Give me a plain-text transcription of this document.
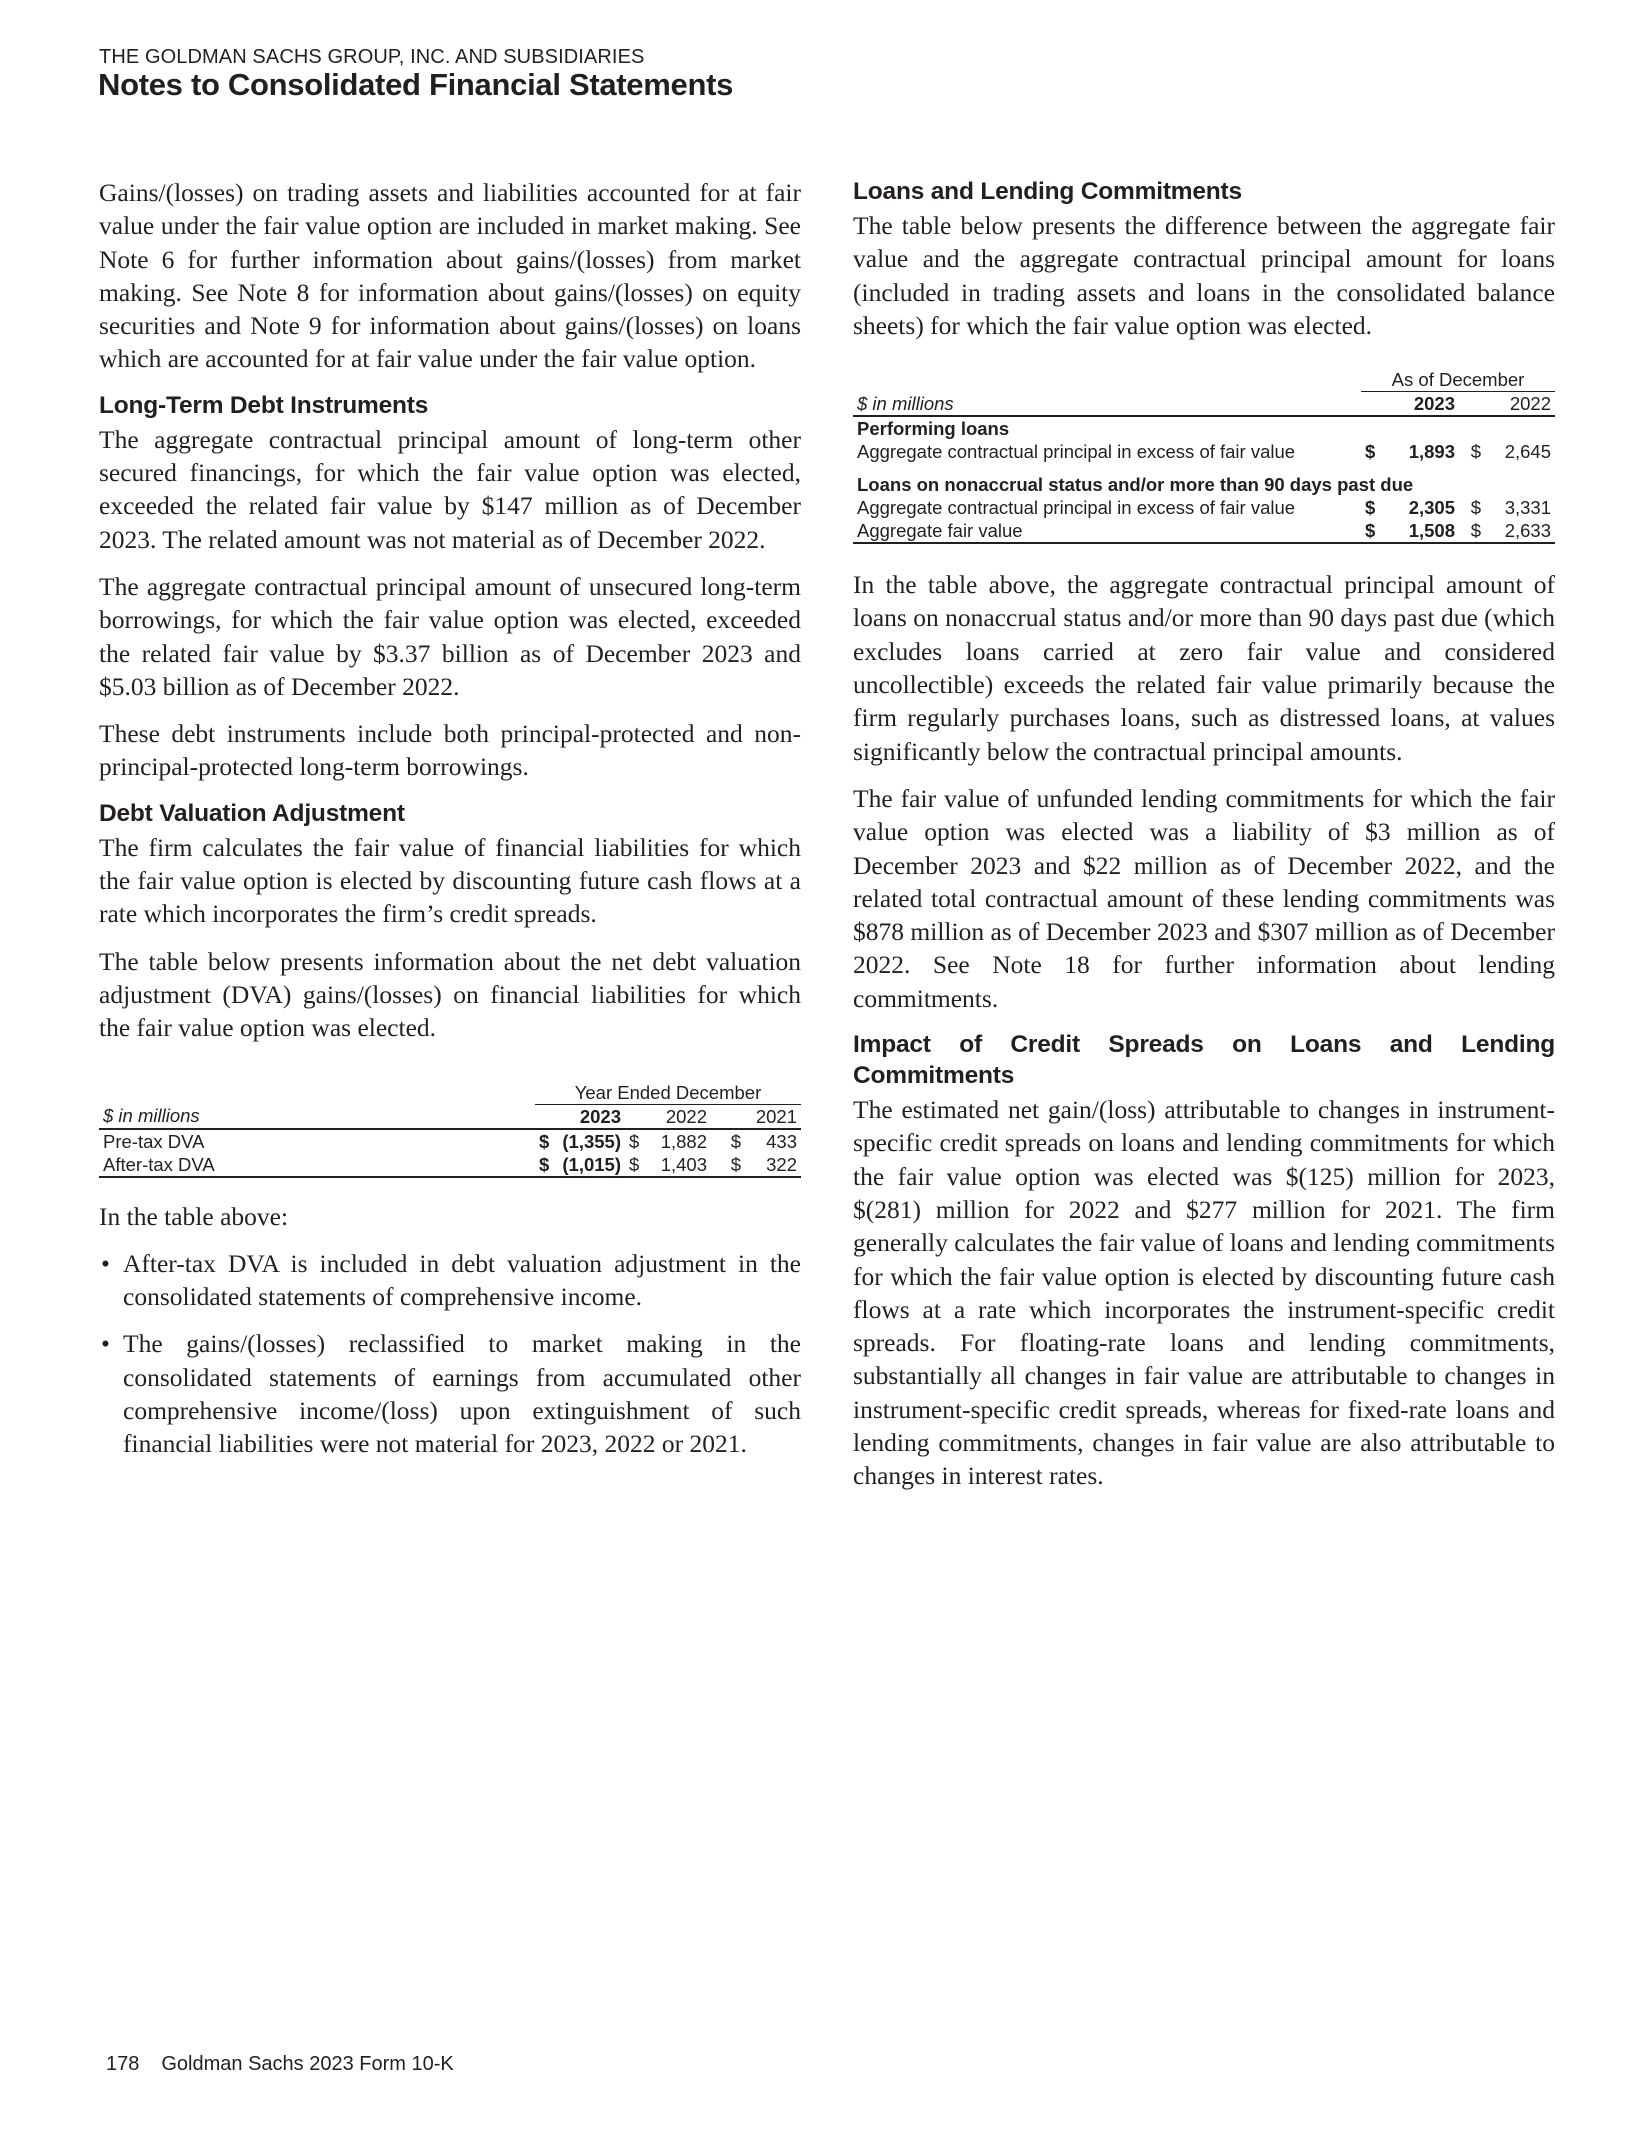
THE GOLDMAN SACHS GROUP, INC. AND SUBSIDIARIES
Notes to Consolidated Financial Statements

Gains/(losses) on trading assets and liabilities accounted for at fair value under the fair value option are included in market making. See Note 6 for further information about gains/(losses) from market making. See Note 8 for information about gains/(losses) on equity securities and Note 9 for information about gains/(losses) on loans which are accounted for at fair value under the fair value option.

Long-Term Debt Instruments

The aggregate contractual principal amount of long-term other secured financings, for which the fair value option was elected, exceeded the related fair value by $147 million as of December 2023. The related amount was not material as of December 2022.

The aggregate contractual principal amount of unsecured long-term borrowings, for which the fair value option was elected, exceeded the related fair value by $3.37 billion as of December 2023 and $5.03 billion as of December 2022.

These debt instruments include both principal-protected and non-principal-protected long-term borrowings.

Debt Valuation Adjustment

The firm calculates the fair value of financial liabilities for which the fair value option is elected by discounting future cash flows at a rate which incorporates the firm’s credit spreads.

The table below presents information about the net debt valuation adjustment (DVA) gains/(losses) on financial liabilities for which the fair value option was elected.

	Year Ended December					
$ in millions		2023		2022		2021
Pre-tax DVA	$	(1,355)	$	1,882	$	433
After-tax DVA	$	(1,015)	$	1,403	$	322

In the table above:

• After-tax DVA is included in debt valuation adjustment in the consolidated statements of comprehensive income.
• The gains/(losses) reclassified to market making in the consolidated statements of earnings from accumulated other comprehensive income/(loss) upon extinguishment of such financial liabilities were not material for 2023, 2022 or 2021.
Loans and Lending Commitments

The table below presents the difference between the aggregate fair value and the aggregate contractual principal amount for loans (included in trading assets and loans in the consolidated balance sheets) for which the fair value option was elected.

	As of December			
$ in millions		2023		2022
Performing loans				
Aggregate contractual principal in excess of fair value	$	1,893	$	2,645

Loans on nonaccrual status and/or more than 90 days past due				
Aggregate contractual principal in excess of fair value	$	2,305	$	3,331
Aggregate fair value	$	1,508	$	2,633

In the table above, the aggregate contractual principal amount of loans on nonaccrual status and/or more than 90 days past due (which excludes loans carried at zero fair value and considered uncollectible) exceeds the related fair value primarily because the firm regularly purchases loans, such as distressed loans, at values significantly below the contractual principal amounts.

The fair value of unfunded lending commitments for which the fair value option was elected was a liability of $3 million as of December 2023 and $22 million as of December 2022, and the related total contractual amount of these lending commitments was $878 million as of December 2023 and $307 million as of December 2022. See Note 18 for further information about lending commitments.

Impact of Credit Spreads on Loans and Lending Commitments

The estimated net gain/(loss) attributable to changes in instrument-specific credit spreads on loans and lending commitments for which the fair value option was elected was $(125) million for 2023, $(281) million for 2022 and $277 million for 2021. The firm generally calculates the fair value of loans and lending commitments for which the fair value option is elected by discounting future cash flows at a rate which incorporates the instrument-specific credit spreads. For floating-rate loans and lending commitments, substantially all changes in fair value are attributable to changes in instrument-specific credit spreads, whereas for fixed-rate loans and lending commitments, changes in fair value are also attributable to changes in interest rates.

178 Goldman Sachs 2023 Form 10-K
